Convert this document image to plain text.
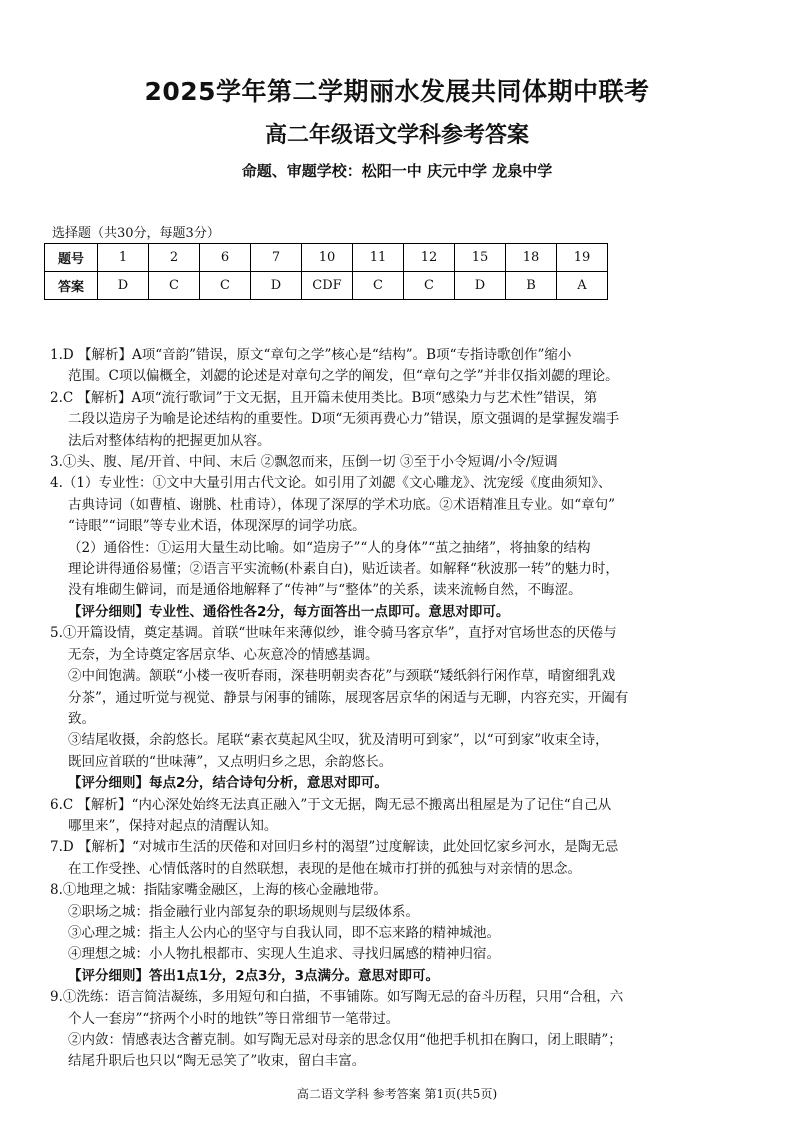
2025学年第二学期丽水发展共同体期中联考
高二年级语文学科参考答案
命题、审题学校：松阳一中 庆元中学 龙泉中学
选择题（共30分，每题3分）
题号	1	2	6	7	10	11	12	15	18	19
答案	D	C	C	D	CDF	C	C	D	B	A

1.D 【解析】A项“音韵”错误，原文“章句之学”核心是“结构”。B项“专指诗歌创作”缩小

范围。C项以偏概全，刘勰的论述是对章句之学的阐发，但“章句之学”并非仅指刘勰的理论。

2.C 【解析】A项“流行歌词”于文无据，且开篇未使用类比。B项“感染力与艺术性”错误，第

二段以造房子为喻是论述结构的重要性。D项“无须再费心力”错误，原文强调的是掌握发端手

法后对整体结构的把握更加从容。

3.①头、腹、尾/开首、中间、末后 ②飘忽而来，压倒一切 ③至于小令短调/小令/短调

4.（1）专业性：①文中大量引用古代文论。如引用了刘勰《文心雕龙》、沈宠绥《度曲须知》、

古典诗词（如曹植、谢朓、杜甫诗），体现了深厚的学术功底。②术语精准且专业。如“章句”

“诗眼”“词眼”等专业术语，体现深厚的词学功底。

（2）通俗性：①运用大量生动比喻。如“造房子”“人的身体”“茧之抽绪”，将抽象的结构

理论讲得通俗易懂；②语言平实流畅(朴素自白)，贴近读者。如解释“秋波那一转”的魅力时，

没有堆砌生僻词，而是通俗地解释了“传神”与“整体”的关系，读来流畅自然，不晦涩。

【评分细则】专业性、通俗性各2分，每方面答出一点即可。意思对即可。

5.①开篇设情，奠定基调。首联“世味年来薄似纱，谁令骑马客京华”，直抒对官场世态的厌倦与

无奈，为全诗奠定客居京华、心灰意冷的情感基调。

②中间饱满。颔联“小楼一夜听春雨，深巷明朝卖杏花”与颈联“矮纸斜行闲作草，晴窗细乳戏

分茶”，通过听觉与视觉、静景与闲事的铺陈，展现客居京华的闲适与无聊，内容充实，开阖有

致。

③结尾收摄，余韵悠长。尾联“素衣莫起风尘叹，犹及清明可到家”，以“可到家”收束全诗，

既回应首联的“世味薄”，又点明归乡之思，余韵悠长。

【评分细则】每点2分，结合诗句分析，意思对即可。

6.C 【解析】“内心深处始终无法真正融入”于文无据，陶无忌不搬离出租屋是为了记住“自己从

哪里来”，保持对起点的清醒认知。

7.D 【解析】“对城市生活的厌倦和对回归乡村的渴望”过度解读，此处回忆家乡河水，是陶无忌

在工作受挫、心情低落时的自然联想，表现的是他在城市打拼的孤独与对亲情的思念。

8.①地理之城：指陆家嘴金融区，上海的核心金融地带。

②职场之城：指金融行业内部复杂的职场规则与层级体系。

③心理之城：指主人公内心的坚守与自我认同，即不忘来路的精神城池。

④理想之城：小人物扎根都市、实现人生追求、寻找归属感的精神归宿。

【评分细则】答出1点1分，2点3分，3点满分。意思对即可。

9.①洗练：语言简洁凝练，多用短句和白描，不事铺陈。如写陶无忌的奋斗历程，只用“合租，六

个人一套房”“挤两个小时的地铁”等日常细节一笔带过。

②内敛：情感表达含蓄克制。如写陶无忌对母亲的思念仅用“他把手机扣在胸口，闭上眼睛”；

结尾升职后也只以“陶无忌笑了”收束，留白丰富。

高二语文学科 参考答案 第1页(共5页)
